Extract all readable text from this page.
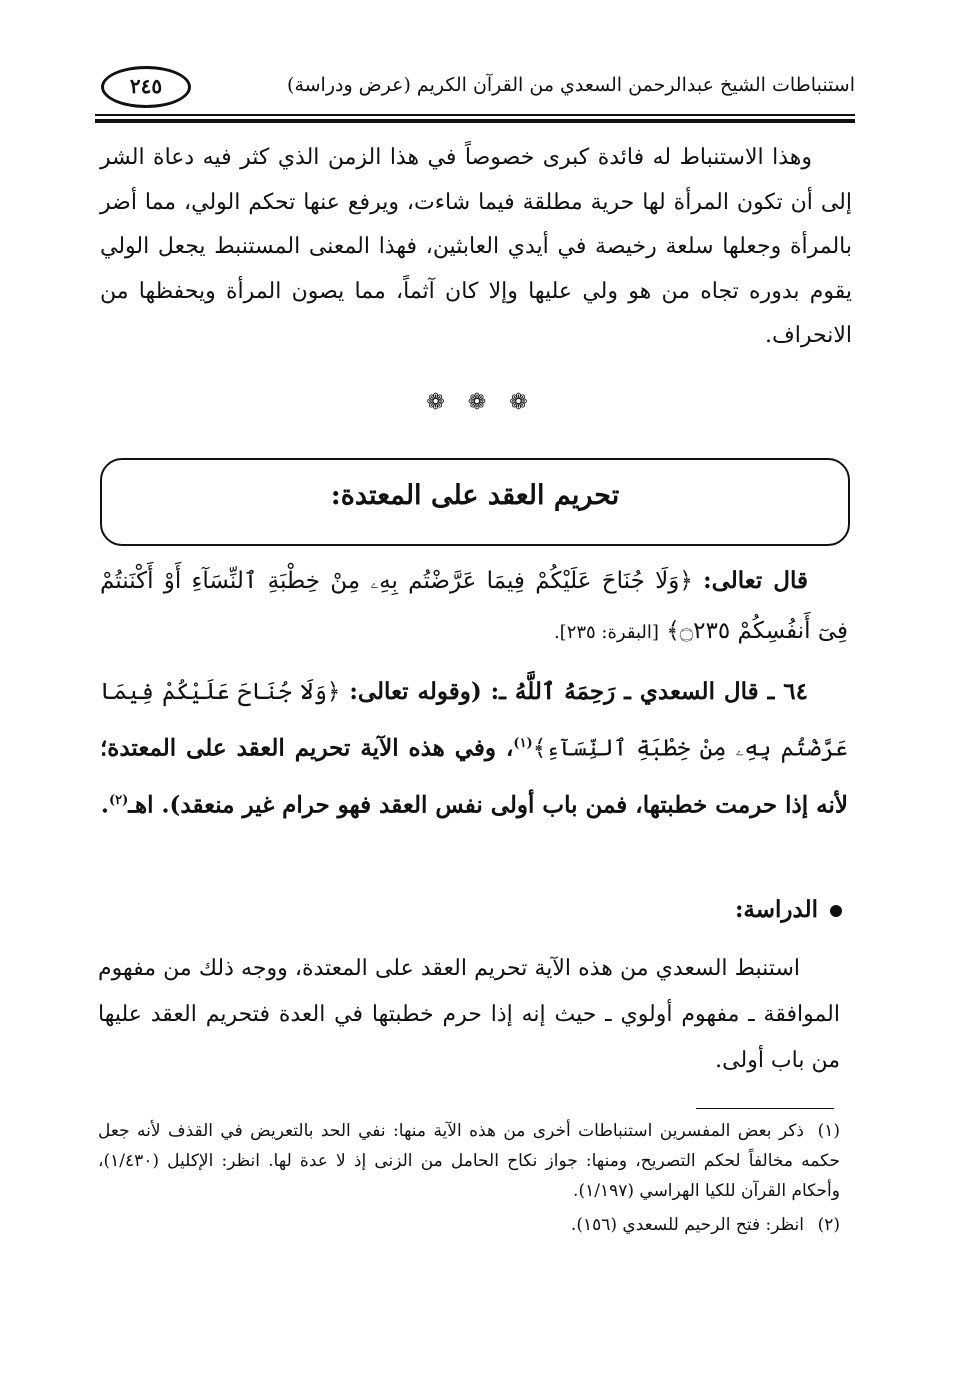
استنباطات الشيخ عبدالرحمن السعدي من القرآن الكريم (عرض ودراسة)
٢٤٥

وهذا الاستنباط له فائدة كبرى خصوصاً في هذا الزمن الذي كثر فيه دعاة الشر إلى أن تكون المرأة لها حرية مطلقة فيما شاءت، ويرفع عنها تحكم الولي، مما أضر بالمرأة وجعلها سلعة رخيصة في أيدي العابثين، فهذا المعنى المستنبط يجعل الولي يقوم بدوره تجاه من هو ولي عليها وإلا كان آثماً، مما يصون المرأة ويحفظها من الانحراف.

❁ ❁ ❁
تحريم العقد على المعتدة:

قال تعالى: ﴿وَلَا جُنَاحَ عَلَيْكُمْ فِيمَا عَرَّضْتُم بِهِۦ مِنْ خِطْبَةِ ٱلنِّسَآءِ أَوْ أَكْنَنتُمْ فِىٓ أَنفُسِكُمْ ۝٢٣٥﴾ [البقرة: ٢٣٥].

٦٤ ـ قال السعدي ـ رَحِمَهُ ٱللَّهُ ـ: (وقوله تعالى: ﴿وَلَا جُنَاحَ عَلَيْكُمْ فِيمَا عَرَّضْتُم بِهِۦ مِنْ خِطْبَةِ ٱلنِّسَآءِ﴾$^{(١)}$، وفي هذه الآية تحريم العقد على المعتدة؛ لأنه إذا حرمت خطبتها، فمن باب أولى نفس العقد فهو حرام غير منعقد). اهـ$^{(٢)}$.

الدراسة:

استنبط السعدي من هذه الآية تحريم العقد على المعتدة، ووجه ذلك من مفهوم الموافقة ـ مفهوم أولوي ـ حيث إنه إذا حرم خطبتها في العدة فتحريم العقد عليها من باب أولى.

(١)ذكر بعض المفسرين استنباطات أخرى من هذه الآية منها: نفي الحد بالتعريض في القذف لأنه جعل حكمه مخالفاً لحكم التصريح، ومنها: جواز نكاح الحامل من الزنى إذ لا عدة لها. انظر: الإكليل (١/٤٣٠)، وأحكام القرآن للكيا الهراسي (١/١٩٧).

(٢)انظر: فتح الرحيم للسعدي (١٥٦).
